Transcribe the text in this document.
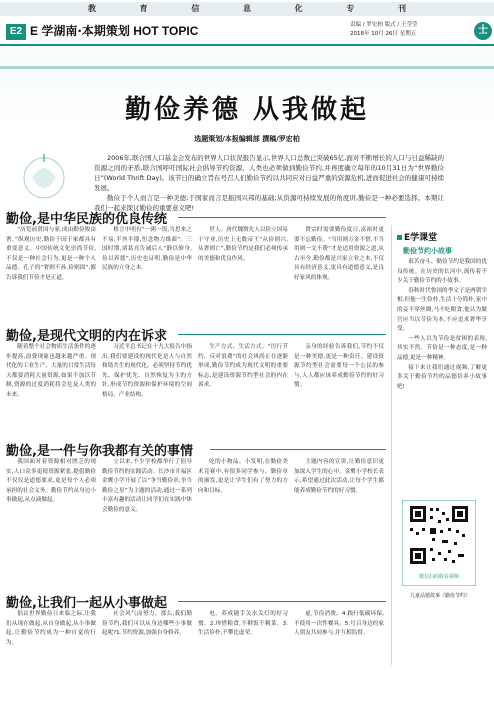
教	育	信	息	化	专	刊
E2 E 学湖南·本期策划 HOT TOPIC	责编 / 罗宏柏 版式 / 王莹莹
2018年 10月 26日 星期五	士
勤俭养德 从我做起
选题策划/本报编辑部 撰稿/罗宏柏

2006年,联合国人口基金会发布的世界人口状况报告显示,世界人口总数已突破65亿,面对不断增长的人口与日益稀缺的资源之间的矛盾,联合国呼吁国际社会倡导节约资源、人类也必须做到勤俭节约,并再度确立每年的10月31日为“世界勤俭日”(World Thrift Day)。该节日的确立旨在号召人们勤俭节约以共同应对日益严重的资源危机,进而促进社会的健康可持续发展。

勤俭于个人而言是一种美德;于国家而言是振国兴邦的基础;从资源可持续发展的角度讲,勤俭是一种必要选择。本期让我们一起来探讨勤俭的重要意义吧!

勤俭,是中华民族的优良传统

“历览前贤国与家,成由勤俭败由奢。”纵观历史,勤俭于国于家都具有重要意义。中国传统文化崇尚节俭,不仅是一种社会行为,更是一种个人品德。孔子的“奢则不孙,俭则固”,都告诉我们节俭才是正道。

格言中明有“一粥一饭,当思来之不易;半丝半缕,恒念物力维艰”。三国时期,诸葛亮告诫后人“静以修身,俭以养德”,历史也证明,勤俭是中华民族的立身之本。

世人。唐代魏徵先人以俭立国易于守业,历史上无数帝王“从俭则兴,从奢则亡”,勤俭节约是我们必须传承的美德和优良作风。

贤宗时需要勤俭度日,富裕时更要不忘勤俭。“当用则万金不惜,不当用则一文不费”才是适用资源之道,从古至今,勤俭都是兴家立业之本,不仅具有经济意义,更具有道德意义,是良好家风的体现。

勤俭,是现代文明的内在诉求

随着整个社会物质生活条件的逐步提高,浪费现象也越来越严重。现代化的工业生产、大量的日常生活每天都要消耗大量资源,如果不加以节制,资源的过度消耗将会危及人类的未来。

习近平总书记在十九大报告中指出,我们要建设的现代化是人与自然和谐共生的现代化。必须坚持节约优先、保护优先、自然恢复为主的方针,形成节约资源和保护环境的空间格局、产业结构、

生产方式、生活方式。“厉行节约、反对浪费”的社会风尚正在逐渐形成,勤俭节约成为现代文明的重要标志,是建设资源节约型社会的内在诉求。

亲身的经验告诉我们,节约不仅是一种美德,更是一种责任。建设资源节约型社会需要每一个公民的参与,人人都应该养成勤俭节约的好习惯。

勤俭,是一件与你我都有关的事情

我国面对着资源相对匮乏的现实,人口众多更使资源紧张,提倡勤俭不仅仅是道德要求,更是每个人必须承担的社会义务。勤俭节约从身边小事做起,从点滴做起。

立以来,不少学校都举行了倡导勤俭节约的实践活动。长沙市开福区金鹰小学开展了以“争当勤俭章,争当勤俭之星”为主题的活动,通过一系列丰富有趣的活动让同学们在实践中体会勤俭的意义。

吃的小物品、小发明,在勤俭美术竞赛中,有很多同学参与。勤俭章的颁发,更是让学生们有了努力的方向和目标。

主题内容的宣讲,让勤俭意识更加深入学生的心中。金鹰小学校长表示,希望通过此次活动,让每个学生都能养成勤俭节约的好习惯。

勤俭,让我们一起从小事做起

倡议世界勤俭日来临之际,让我们从现在做起,从自身做起,从小事做起,让勤俭节约成为一种自觉的行为。

社会风气而努力。那么,我们勤俭节约,我们可以从身边哪些小事做起呢?1.节约资源,加强自身修养。

电、养成随手关水关灯的好习惯。2.珍惜粮食,不剩饭不剩菜。3.生活俭朴,不攀比虚荣。

虚,节俭消费。4.践行低碳环保,不使用一次性餐具。5.号召身边的家人朋友共同参与,并互相监督。

E学课堂
勤俭节约小故事

艰苦奋斗、勤俭节约是我国的优良传统。在历史的长河中,流传着不少关于勤俭节约的小故事。

春秋时代鲁国的季文子是两朝宰相,但他一生俭朴,生活十分简朴,家中的妾不穿丝绸,马不吃粮食,他认为做官应当以节俭为本,不应追求奢华享受。

一些人以为节俭是贫困的表现,其实不然。节俭是一种态度,是一种品德,更是一种精神。

接下来让我们通过视频,了解更多关于勤俭节约的品德培养小故事吧!

微信扫码收看视频
儿童品德故事《勤俭节约》
